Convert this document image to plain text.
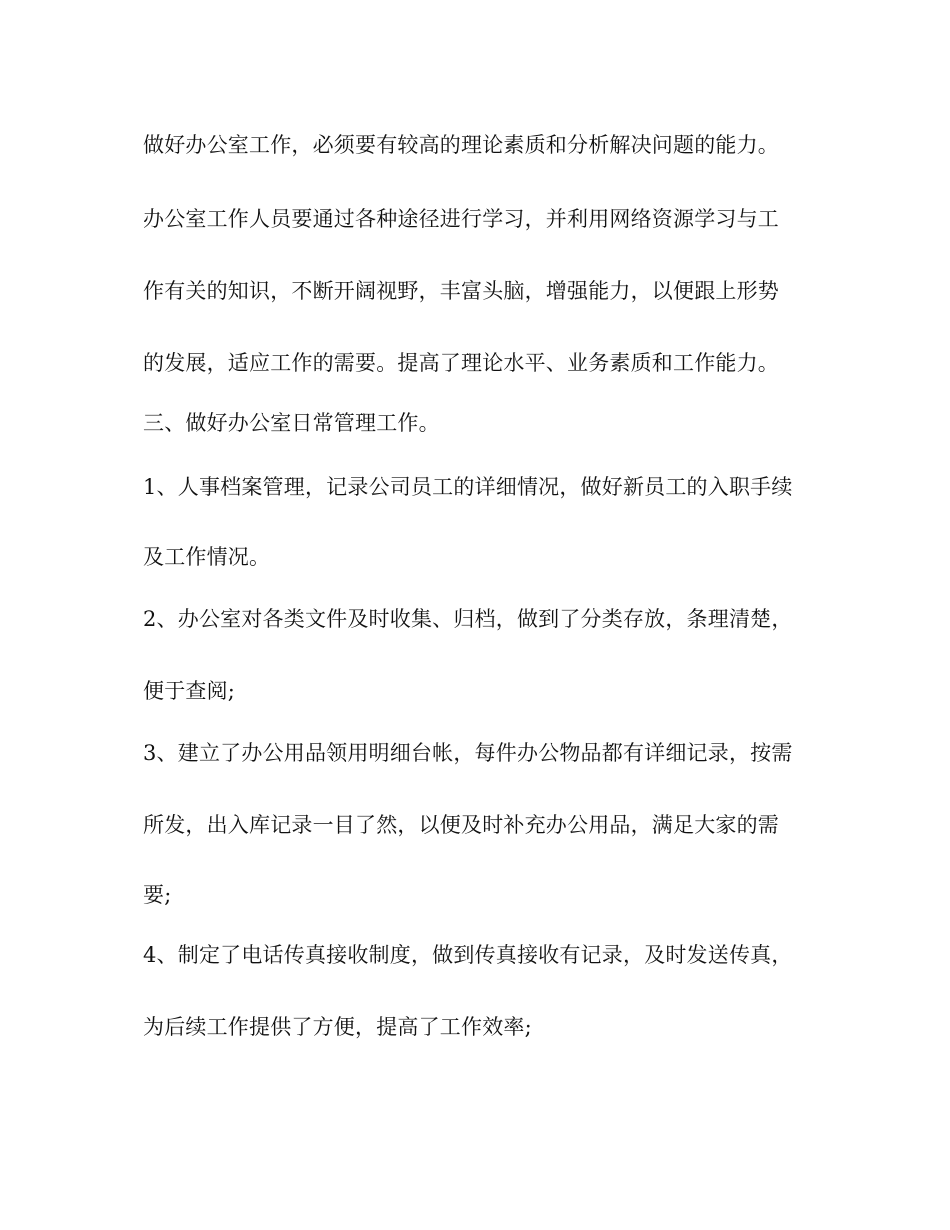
做好办公室工作，必须要有较高的理论素质和分析解决问题的能力。
办公室工作人员要通过各种途径进行学习，并利用网络资源学习与工
作有关的知识，不断开阔视野，丰富头脑，增强能力，以便跟上形势
的发展，适应工作的需要。提高了理论水平、业务素质和工作能力。
三、做好办公室日常管理工作。
1、人事档案管理，记录公司员工的详细情况，做好新员工的入职手续
及工作情况。
2、办公室对各类文件及时收集、归档，做到了分类存放，条理清楚，
便于查阅;
3、建立了办公用品领用明细台帐，每件办公物品都有详细记录，按需
所发，出入库记录一目了然，以便及时补充办公用品，满足大家的需
要;
4、制定了电话传真接收制度，做到传真接收有记录，及时发送传真，
为后续工作提供了方便，提高了工作效率;
